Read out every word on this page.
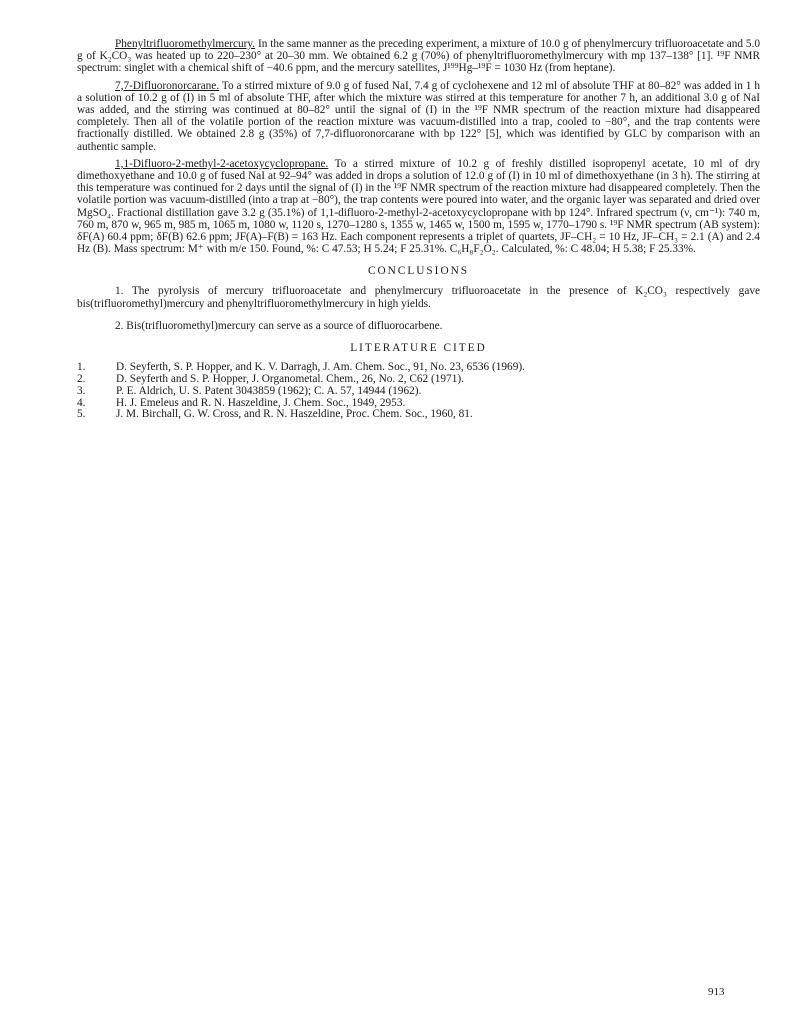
Phenyltrifluoromethylmercury. In the same manner as the preceding experiment, a mixture of 10.0 g of phenylmercury trifluoroacetate and 5.0 g of K₂CO₃ was heated up to 220–230° at 20–30 mm. We obtained 6.2 g (70%) of phenyltrifluoromethylmercury with mp 137–138° [1]. ¹⁹F NMR spectrum: singlet with a chemical shift of −40.6 ppm, and the mercury satellites, J¹⁹⁹Hg–¹⁹F = 1030 Hz (from heptane).

7,7-Difluoronorcarane. To a stirred mixture of 9.0 g of fused NaI, 7.4 g of cyclohexene and 12 ml of absolute THF at 80–82° was added in 1 h a solution of 10.2 g of (I) in 5 ml of absolute THF, after which the mixture was stirred at this temperature for another 7 h, an additional 3.0 g of NaI was added, and the stirring was continued at 80–82° until the signal of (I) in the ¹⁹F NMR spectrum of the reaction mixture had disappeared completely. Then all of the volatile portion of the reaction mixture was vacuum-distilled into a trap, cooled to −80°, and the trap contents were fractionally distilled. We obtained 2.8 g (35%) of 7,7-difluoronorcarane with bp 122° [5], which was identified by GLC by comparison with an authentic sample.

1,1-Difluoro-2-methyl-2-acetoxycyclopropane. To a stirred mixture of 10.2 g of freshly distilled isopropenyl acetate, 10 ml of dry dimethoxyethane and 10.0 g of fused NaI at 92–94° was added in drops a solution of 12.0 g of (I) in 10 ml of dimethoxyethane (in 3 h). The stirring at this temperature was continued for 2 days until the signal of (I) in the ¹⁹F NMR spectrum of the reaction mixture had disappeared completely. Then the volatile portion was vacuum-distilled (into a trap at −80°), the trap contents were poured into water, and the organic layer was separated and dried over MgSO₄. Fractional distillation gave 3.2 g (35.1%) of 1,1-difluoro-2-methyl-2-acetoxycyclopropane with bp 124°. Infrared spectrum (ν, cm⁻¹): 740 m, 760 m, 870 w, 965 m, 985 m, 1065 m, 1080 w, 1120 s, 1270–1280 s, 1355 w, 1465 w, 1500 m, 1595 w, 1770–1790 s. ¹⁹F NMR spectrum (AB system): δF(A) 60.4 ppm; δF(B) 62.6 ppm; JF(A)–F(B) = 163 Hz. Each component represents a triplet of quartets, JF–CH₂ = 10 Hz, JF–CH₃ = 2.1 (A) and 2.4 Hz (B). Mass spectrum: M⁺ with m/e 150. Found, %: C 47.53; H 5.24; F 25.31%. C₆H₈F₂O₂. Calculated, %: C 48.04; H 5.38; F 25.33%.

CONCLUSIONS

1. The pyrolysis of mercury trifluoroacetate and phenylmercury trifluoroacetate in the presence of K₂CO₃ respectively gave bis(trifluoromethyl)mercury and phenyltrifluoromethylmercury in high yields.

2. Bis(trifluoromethyl)mercury can serve as a source of difluorocarbene.

LITERATURE CITED
1.	D. Seyferth, S. P. Hopper, and K. V. Darragh, J. Am. Chem. Soc., 91, No. 23, 6536 (1969).
2.	D. Seyferth and S. P. Hopper, J. Organometal. Chem., 26, No. 2, C62 (1971).
3.	P. E. Aldrich, U. S. Patent 3043859 (1962); C. A. 57, 14944 (1962).
4.	H. J. Emeleus and R. N. Haszeldine, J. Chem. Soc., 1949, 2953.
5.	J. M. Birchall, G. W. Cross, and R. N. Haszeldine, Proc. Chem. Soc., 1960, 81.
913
